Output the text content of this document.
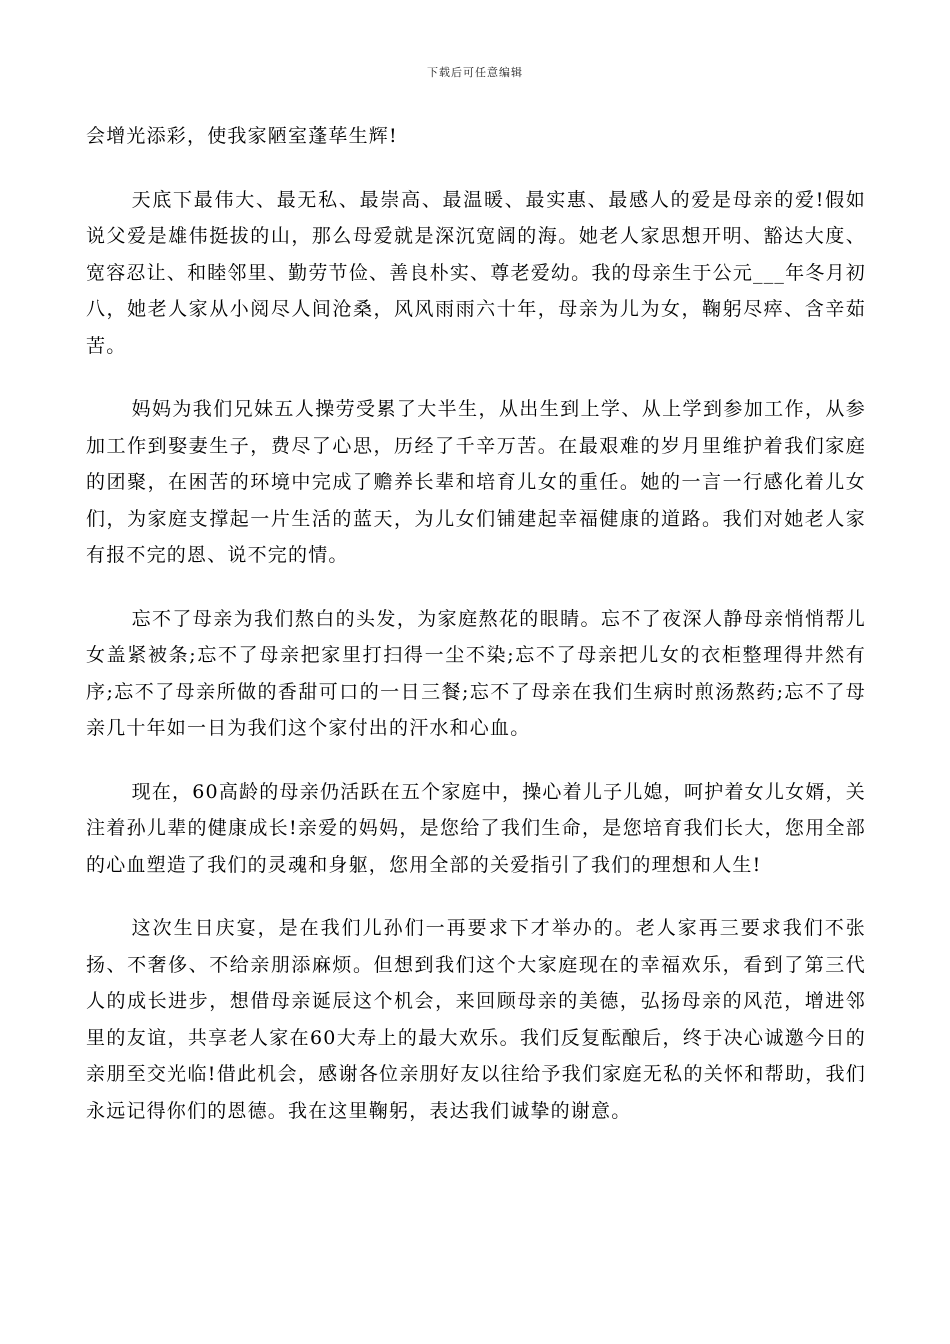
下载后可任意编辑

会增光添彩，使我家陋室蓬荜生辉!

天底下最伟大、最无私、最崇高、最温暖、最实惠、最感人的爱是母亲的爱!假如说父爱是雄伟挺拔的山，那么母爱就是深沉宽阔的海。她老人家思想开明、豁达大度、宽容忍让、和睦邻里、勤劳节俭、善良朴实、尊老爱幼。我的母亲生于公元___年冬月初八，她老人家从小阅尽人间沧桑，风风雨雨六十年，母亲为儿为女，鞠躬尽瘁、含辛茹苦。

妈妈为我们兄妹五人操劳受累了大半生，从出生到上学、从上学到参加工作，从参加工作到娶妻生子，费尽了心思，历经了千辛万苦。在最艰难的岁月里维护着我们家庭的团聚，在困苦的环境中完成了赡养长辈和培育儿女的重任。她的一言一行感化着儿女们，为家庭支撑起一片生活的蓝天，为儿女们铺建起幸福健康的道路。我们对她老人家有报不完的恩、说不完的情。

忘不了母亲为我们熬白的头发，为家庭熬花的眼睛。忘不了夜深人静母亲悄悄帮儿女盖紧被条;忘不了母亲把家里打扫得一尘不染;忘不了母亲把儿女的衣柜整理得井然有序;忘不了母亲所做的香甜可口的一日三餐;忘不了母亲在我们生病时煎汤熬药;忘不了母亲几十年如一日为我们这个家付出的汗水和心血。

现在，60高龄的母亲仍活跃在五个家庭中，操心着儿子儿媳，呵护着女儿女婿，关注着孙儿辈的健康成长!亲爱的妈妈，是您给了我们生命，是您培育我们长大，您用全部的心血塑造了我们的灵魂和身躯，您用全部的关爱指引了我们的理想和人生!

这次生日庆宴，是在我们儿孙们一再要求下才举办的。老人家再三要求我们不张扬、不奢侈、不给亲朋添麻烦。但想到我们这个大家庭现在的幸福欢乐，看到了第三代人的成长进步，想借母亲诞辰这个机会，来回顾母亲的美德，弘扬母亲的风范，增进邻里的友谊，共享老人家在60大寿上的最大欢乐。我们反复酝酿后，终于决心诚邀今日的亲朋至交光临!借此机会，感谢各位亲朋好友以往给予我们家庭无私的关怀和帮助，我们永远记得你们的恩德。我在这里鞠躬，表达我们诚挚的谢意。
